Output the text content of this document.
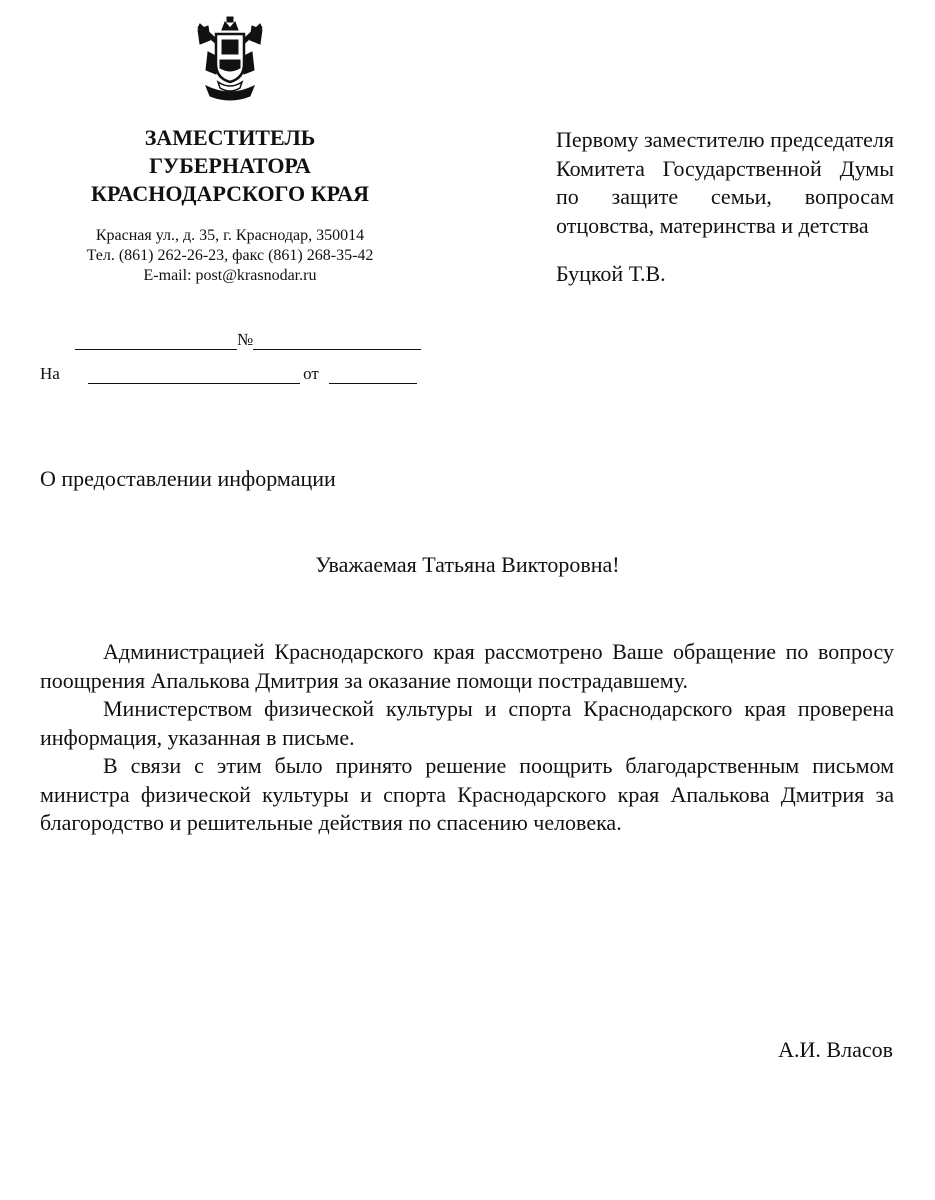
ЗАМЕСТИТЕЛЬ
ГУБЕРНАТОРА
КРАСНОДАРСКОГО КРАЯ
Красная ул., д. 35, г. Краснодар, 350014
Тел. (861) 262-26-23, факс (861) 268-35-42
E-mail: post@krasnodar.ru
№
На	от

Первому заместителю председателя Комитета Государственной Думы по защите семьи, вопросам отцовства, материнства и детства

Буцкой Т.В.
О предоставлении информации
Уважаемая Татьяна Викторовна!

Администрацией Краснодарского края рассмотрено Ваше обращение по вопросу поощрения Апалькова Дмитрия за оказание помощи пострадавшему.

Министерством физической культуры и спорта Краснодарского края проверена информация, указанная в письме.

В связи с этим было принято решение поощрить благодарственным письмом министра физической культуры и спорта Краснодарского края Апалькова Дмитрия за благородство и решительные действия по спасению человека.

А.И. Власов
